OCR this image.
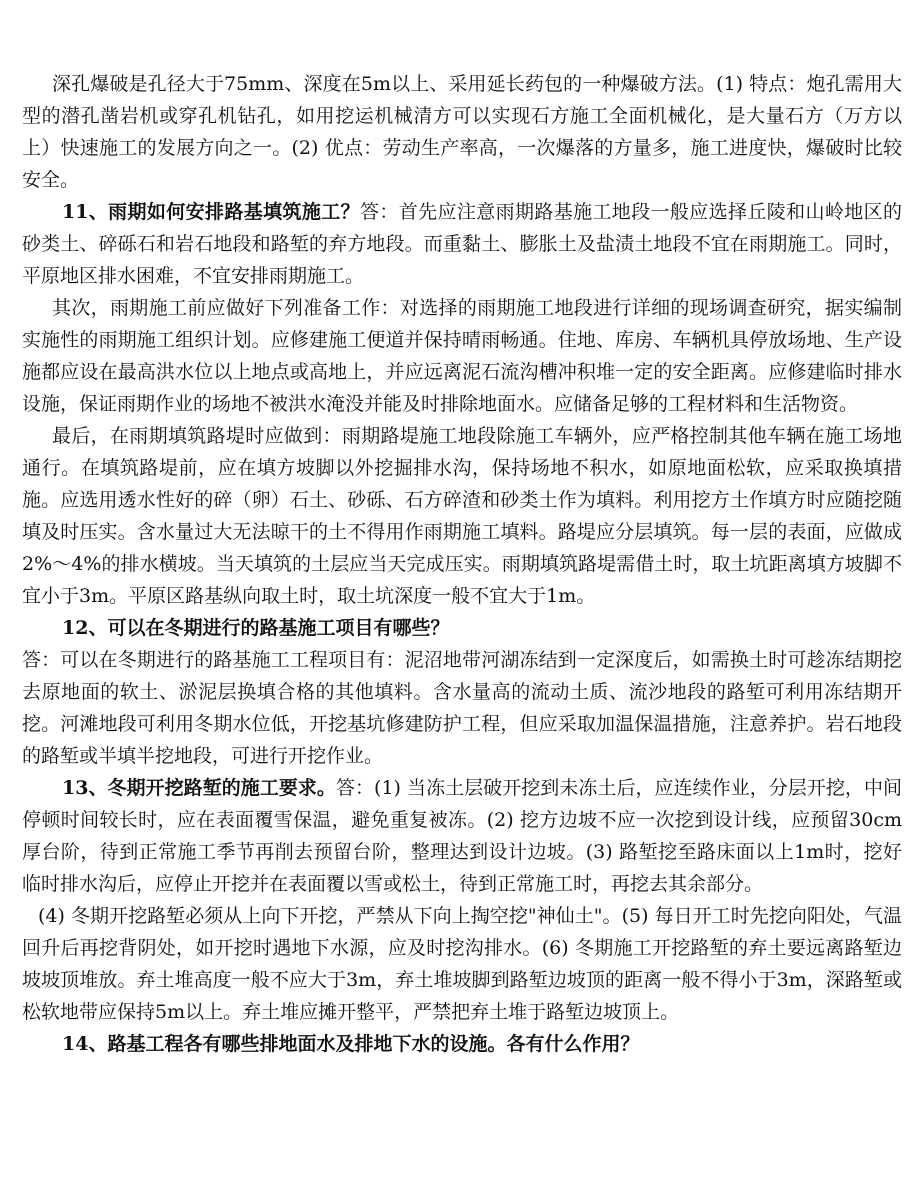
深孔爆破是孔径大于75mm、深度在5m以上、采用延长药包的一种爆破方法。(1) 特点：炮孔需用大型的潜孔凿岩机或穿孔机钻孔，如用挖运机械清方可以实现石方施工全面机械化，是大量石方（万方以上）快速施工的发展方向之一。(2) 优点：劳动生产率高，一次爆落的方量多，施工进度快，爆破时比较安全。

11、雨期如何安排路基填筑施工？答：首先应注意雨期路基施工地段一般应选择丘陵和山岭地区的砂类土、碎砾石和岩石地段和路堑的弃方地段。而重黏土、膨胀土及盐渍土地段不宜在雨期施工。同时，平原地区排水困难，不宜安排雨期施工。

其次，雨期施工前应做好下列准备工作：对选择的雨期施工地段进行详细的现场调查研究，据实编制实施性的雨期施工组织计划。应修建施工便道并保持晴雨畅通。住地、库房、车辆机具停放场地、生产设施都应设在最高洪水位以上地点或高地上，并应远离泥石流沟槽冲积堆一定的安全距离。应修建临时排水设施，保证雨期作业的场地不被洪水淹没并能及时排除地面水。应储备足够的工程材料和生活物资。

最后，在雨期填筑路堤时应做到：雨期路堤施工地段除施工车辆外，应严格控制其他车辆在施工场地通行。在填筑路堤前，应在填方坡脚以外挖掘排水沟，保持场地不积水，如原地面松软，应采取换填措施。应选用透水性好的碎（卵）石土、砂砾、石方碎渣和砂类土作为填料。利用挖方土作填方时应随挖随填及时压实。含水量过大无法晾干的土不得用作雨期施工填料。路堤应分层填筑。每一层的表面，应做成2%～4%的排水横坡。当天填筑的土层应当天完成压实。雨期填筑路堤需借土时，取土坑距离填方坡脚不宜小于3m。平原区路基纵向取土时，取土坑深度一般不宜大于1m。

12、可以在冬期进行的路基施工项目有哪些？

答：可以在冬期进行的路基施工工程项目有：泥沼地带河湖冻结到一定深度后，如需换土时可趁冻结期挖去原地面的软土、淤泥层换填合格的其他填料。含水量高的流动土质、流沙地段的路堑可利用冻结期开挖。河滩地段可利用冬期水位低，开挖基坑修建防护工程，但应采取加温保温措施，注意养护。岩石地段的路堑或半填半挖地段，可进行开挖作业。

13、冬期开挖路堑的施工要求。答：(1) 当冻土层破开挖到未冻土后，应连续作业，分层开挖，中间停顿时间较长时，应在表面覆雪保温，避免重复被冻。(2) 挖方边坡不应一次挖到设计线，应预留30cm厚台阶，待到正常施工季节再削去预留台阶，整理达到设计边坡。(3) 路堑挖至路床面以上1m时，挖好临时排水沟后，应停止开挖并在表面覆以雪或松土，待到正常施工时，再挖去其余部分。

(4) 冬期开挖路堑必须从上向下开挖，严禁从下向上掏空挖"神仙土"。(5) 每日开工时先挖向阳处，气温回升后再挖背阴处，如开挖时遇地下水源，应及时挖沟排水。(6) 冬期施工开挖路堑的弃土要远离路堑边坡坡顶堆放。弃土堆高度一般不应大于3m，弃土堆坡脚到路堑边坡顶的距离一般不得小于3m，深路堑或松软地带应保持5m以上。弃土堆应摊开整平，严禁把弃土堆于路堑边坡顶上。

14、路基工程各有哪些排地面水及排地下水的设施。各有什么作用？
